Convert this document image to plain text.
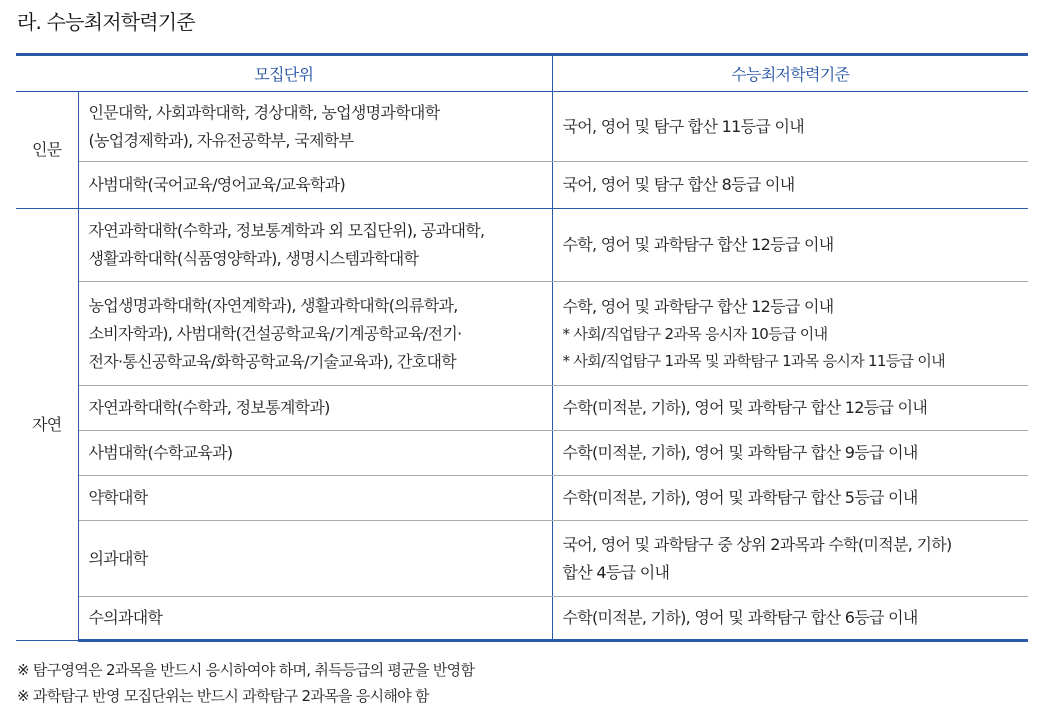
라. 수능최저학력기준
모집단위		수능최저학력기준
인문	인문대학, 사회과학대학, 경상대학, 농업생명과학대학
(농업경제학과), 자유전공학부, 국제학부	국어, 영어 및 탐구 합산 11등급 이내

	사범대학(국어교육/영어교육/교육학과)	국어, 영어 및 탐구 합산 8등급 이내

자연	자연과학대학(수학과, 정보통계학과 외 모집단위), 공과대학,
생활과학대학(식품영양학과), 생명시스템과학대학	수학, 영어 및 과학탐구 합산 12등급 이내

	농업생명과학대학(자연계학과), 생활과학대학(의류학과,
소비자학과), 사범대학(건설공학교육/기계공학교육/전기·
전자·통신공학교육/화학공학교육/기술교육과), 간호대학	수학, 영어 및 과학탐구 합산 12등급 이내
* 사회/직업탐구 2과목 응시자 10등급 이내
* 사회/직업탐구 1과목 및 과학탐구 1과목 응시자 11등급 이내

	자연과학대학(수학과, 정보통계학과)	수학(미적분, 기하), 영어 및 과학탐구 합산 12등급 이내

	사범대학(수학교육과)	수학(미적분, 기하), 영어 및 과학탐구 합산 9등급 이내

	약학대학	수학(미적분, 기하), 영어 및 과학탐구 합산 5등급 이내

	의과대학	국어, 영어 및 과학탐구 중 상위 2과목과 수학(미적분, 기하)
합산 4등급 이내

	수의과대학	수학(미적분, 기하), 영어 및 과학탐구 합산 6등급 이내
※ 탐구영역은 2과목을 반드시 응시하여야 하며, 취득등급의 평균을 반영함
※ 과학탐구 반영 모집단위는 반드시 과학탐구 2과목을 응시해야 함
